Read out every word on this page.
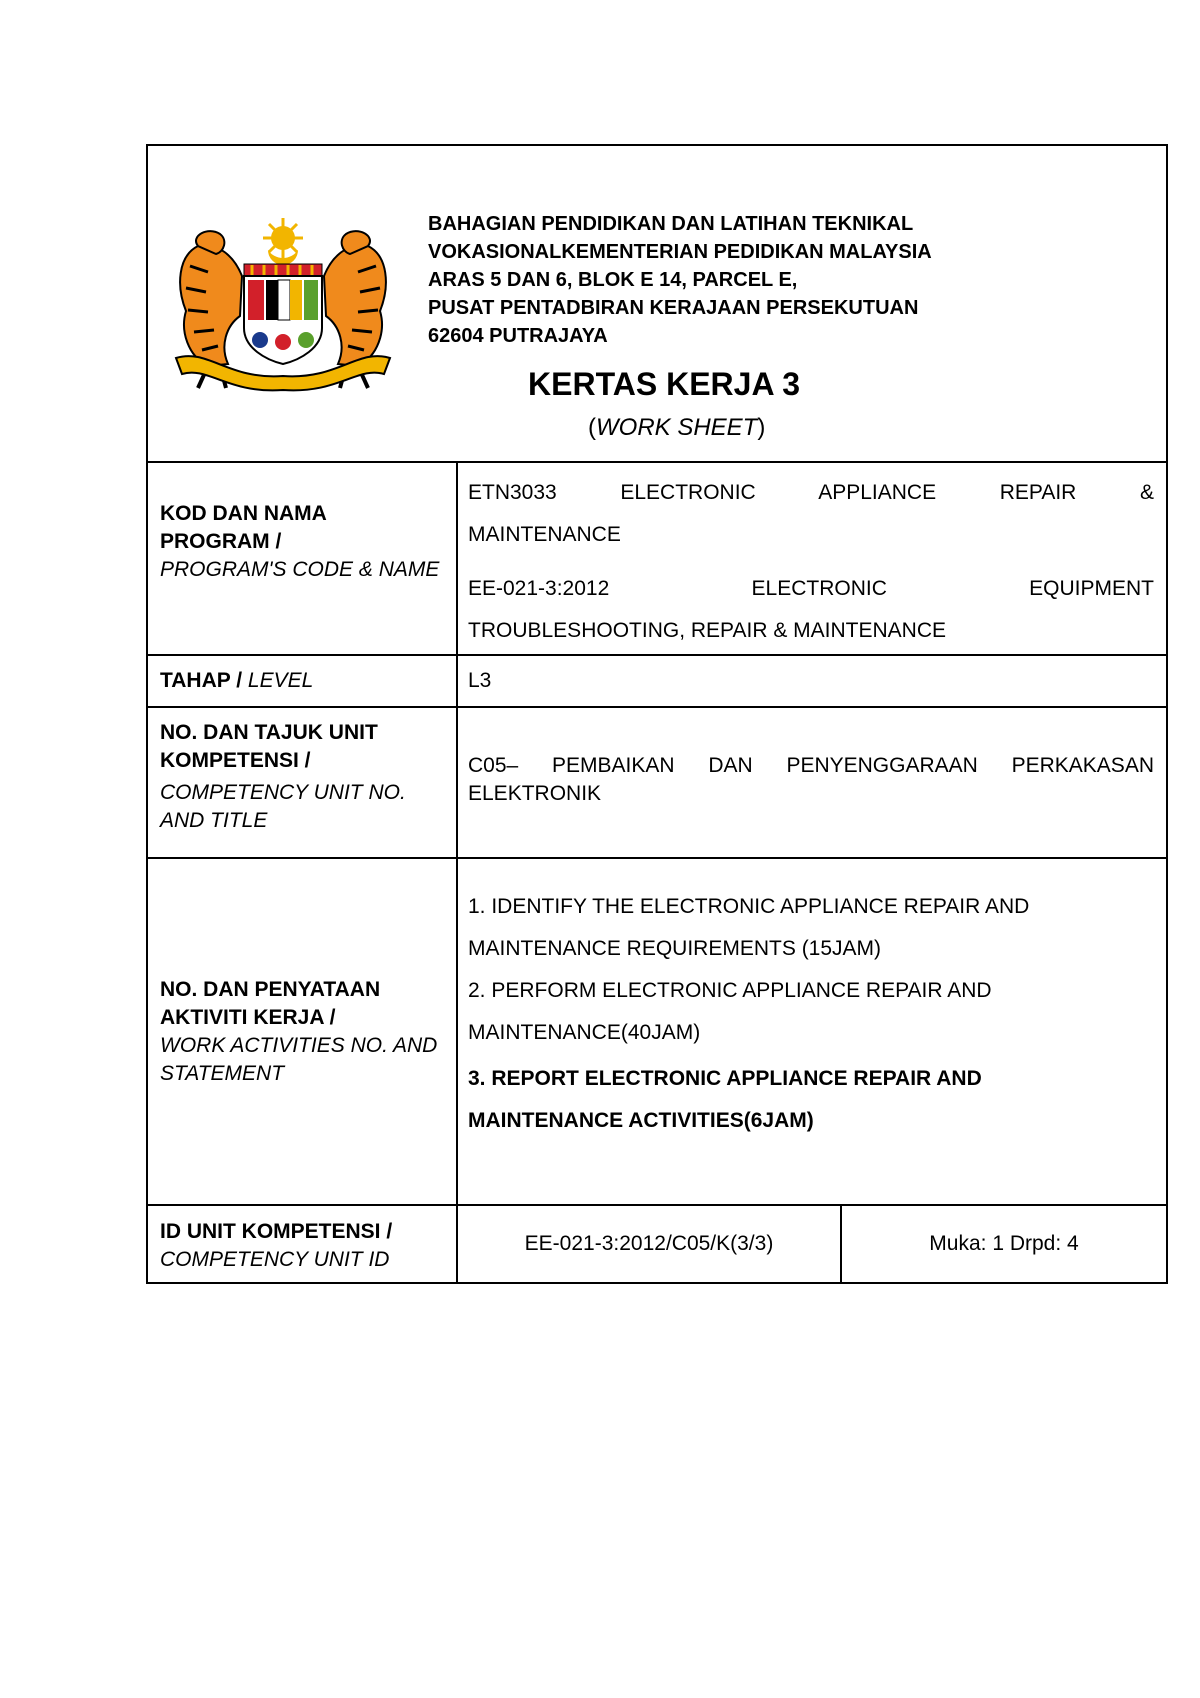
BAHAGIAN PENDIDIKAN DAN LATIHAN TEKNIKAL
VOKASIONALKEMENTERIAN PEDIDIKAN MALAYSIA
ARAS 5 DAN 6, BLOK E 14, PARCEL E,
PUSAT PENTADBIRAN KERAJAAN PERSEKUTUAN
62604 PUTRAJAYA
KERTAS KERJA 3
(WORK SHEET)
KOD DAN NAMA PROGRAM /
PROGRAM'S CODE & NAME
ETN3033 ELECTRONIC APPLIANCE REPAIR &
MAINTENANCE
EE-021-3:2012 ELECTRONIC EQUIPMENT
TROUBLESHOOTING, REPAIR & MAINTENANCE
TAHAP / LEVEL	L3
NO. DAN TAJUK UNIT KOMPETENSI /
COMPETENCY UNIT NO. AND TITLE
C05– PEMBAIKAN DAN PENYENGGARAAN PERKAKASAN
ELEKTRONIK
NO. DAN PENYATAAN AKTIVITI KERJA /
WORK ACTIVITIES NO. AND STATEMENT
1. IDENTIFY THE ELECTRONIC APPLIANCE REPAIR AND
MAINTENANCE REQUIREMENTS (15JAM)
2. PERFORM ELECTRONIC APPLIANCE REPAIR AND
MAINTENANCE(40JAM)
3. REPORT ELECTRONIC APPLIANCE REPAIR AND
MAINTENANCE ACTIVITIES(6JAM)
ID UNIT KOMPETENSI /
COMPETENCY UNIT ID
EE-021-3:2012/C05/K(3/3)	Muka: 1 Drpd: 4
